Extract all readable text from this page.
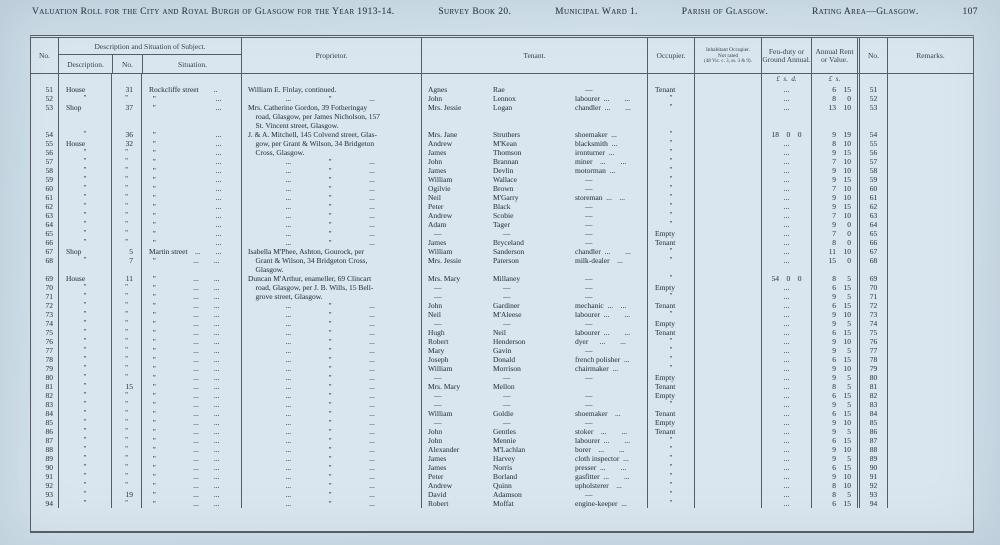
Valuation Roll for the City and Royal Burgh of Glasgow for the Year 1913-14.	Survey Book 20.	Municipal Ward 1.	Parish of Glasgow.	Rating Area—Glasgow.	107
No.
Description and Situation of Subject.
Description.	No.	Situation.
Proprietor.	Tenant.	Occupier.
Inhabitant Occupier.
Not rated
(48 Vic. c. 3, ss. 3 & 9).
Feu-duty or Ground Annual.
Annual Rent or Value.	No.	Remarks.
£ s. d.	£ s.
51	House	31	Rockcliffe street  ..	William E. Finlay, continued.	Agnes	Rae	—	Tenant	...	6	15	51
52	"	"	 "        ...	     ...     "     ...	John	Lennox	labourer ...  ...	"	...	8	0	52
53	Shop	37	 "        ...	Mrs. Catherine Gordon, 39 Fotheringay	Mrs. Jessie	Logan	chandler ...  ...	"	...	13	10	53
 road, Glasgow, per James Nicholson, 157
 St. Vincent street, Glasgow.
54	"	36	 "        ...	J. & A. Mitchell, 145 Colvend street, Glas-	Mrs. Jane	Struthers	shoemaker ...	"	18  0  0	9	19	54
55	House	32	 "        ...	 gow, per Grant & Wilson, 34 Bridgeton	Andrew	M'Kean	blacksmith ...	"	...	8	10	55
56	"	"	 "        ...	 Cross, Glasgow.	James	Thomson	ironturner ...	"	...	9	15	56
57	"	"	 "        ...	     ...     "     ...	John	Brannan	miner  ...  ...	"	...	7	10	57
58	"	"	 "        ...	     ...     "     ...	James	Devlin	motorman ...	"	...	9	10	58
59	"	"	 "        ...	     ...     "     ...	William	Wallace	—	"	...	9	15	59
60	"	"	 "        ...	     ...     "     ...	Ogilvie	Brown	—	"	...	7	10	60
61	"	"	 "        ...	     ...     "     ...	Neil	M'Garry	storeman ... ...	"	...	9	10	61
62	"	"	 "        ...	     ...     "     ...	Peter	Black	—	"	...	9	15	62
63	"	"	 "        ...	     ...     "     ...	Andrew	Scobie	—	"	...	7	10	63
64	"	"	 "        ...	     ...     "     ...	Adam	Tager	—	"	...	9	0	64
65	"	"	 "        ...	     ...     "     ...	—	—	—	Empty	...	7	0	65
66	"	"	 "        ...	     ...     "     ...	James	Bryceland	—	Tenant	...	8	0	66
67	Shop	5	Martin street ...  ...	Isabella M'Phee, Ashton, Gourock, per	William	Sanderson	chandler ...  ...	"	...	11	10	67
68	"	7	 "     ...  ...	 Grant & Wilson, 34 Bridgeton Cross,	Mrs. Jessie	Paterson	milk-dealer  ...	"	...	15	0	68
 Glasgow.
69	House	11	 "     ...  ...	Duncan M'Arthur, enameller, 69 Clincart	Mrs. Mary	Millaney	—	"	54  0  0	8	5	69
70	"	"	 "     ...  ...	 road, Glasgow, per J. B. Wills, 15 Bell-	—	—	—	Empty	...	6	15	70
71	"	"	 "     ...  ...	 grove street, Glasgow.	—	—	—	"	...	9	5	71
72	"	"	 "     ...  ...	     ...     "     ...	John	Gardiner	mechanic ... ...	Tenant	...	6	15	72
73	"	"	 "     ...  ...	     ...     "     ...	Neil	M'Aleese	labourer ...  ...	"	...	9	10	73
74	"	"	 "     ...  ...	     ...     "     ...	—	—	—	Empty	...	9	5	74
75	"	"	 "     ...  ...	     ...     "     ...	Hugh	Neil	labourer ...  ...	Tenant	...	6	15	75
76	"	"	 "     ...  ...	     ...     "     ...	Robert	Henderson	dyer   ...  ...	"	...	9	10	76
77	"	"	 "     ...  ...	     ...     "     ...	Mary	Gavin	—	"	...	9	5	77
78	"	"	 "     ...  ...	     ...     "     ...	Joseph	Donald	french polisher ...	"	...	6	15	78
79	"	"	 "     ...  ...	     ...     "     ...	William	Morrison	chairmaker ...	"	...	9	10	79
80	"	"	 "     ...  ...	     ...     "     ...	—	—	—	Empty	...	9	5	80
81	"	15	 "     ...  ...	     ...     "     ...	Mrs. Mary	Mellon	Tenant	...	8	5	81
82	"	"	 "     ...  ...	     ...     "     ...	—	—	—	Empty	...	6	15	82
83	"	"	 "     ...  ...	     ...     "     ...	—	—	—	"	...	9	5	83
84	"	"	 "     ...  ...	     ...     "     ...	William	Goldie	shoemaker  ...	Tenant	...	6	15	84
85	"	"	 "     ...  ...	     ...     "     ...	—	—	—	Empty	...	9	10	85
86	"	"	 "     ...  ...	     ...     "     ...	John	Gentles	stoker  ...  ...	Tenant	...	9	5	86
87	"	"	 "     ...  ...	     ...     "     ...	John	Mennie	labourer ...  ...	"	...	6	15	87
88	"	"	 "     ...  ...	     ...     "     ...	Alexander	M'Lachlan	borer  ...  ...	"	...	9	10	88
89	"	"	 "     ...  ...	     ...     "     ...	James	Harvey	cloth inspector ...	"	...	9	5	89
90	"	"	 "     ...  ...	     ...     "     ...	James	Norris	presser ...  ...	"	...	6	15	90
91	"	"	 "     ...  ...	     ...     "     ...	Peter	Borland	gasfitter ...  ...	"	...	9	10	91
92	"	"	 "     ...  ...	     ...     "     ...	Andrew	Quinn	upholsterer  ...	"	...	8	10	92
93	"	19	 "     ...  ...	     ...     "     ...	David	Adamson	—	"	...	8	5	93
94	"	"	 "     ...  ...	     ...     "     ...	Robert	Moffat	engine-keeper ...	"	...	6	15	94
